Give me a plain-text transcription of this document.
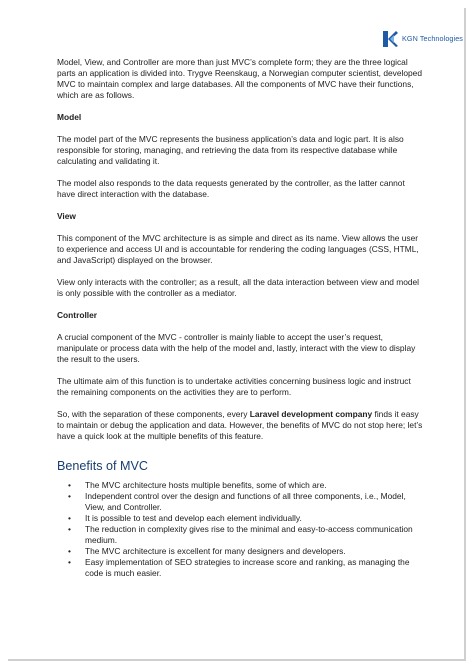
KGN Technologies

Model, View, and Controller are more than just MVC’s complete form; they are the three logical parts an application is divided into. Trygve Reenskaug, a Norwegian computer scientist, developed MVC to maintain complex and large databases. All the components of MVC have their functions, which are as follows.

Model

The model part of the MVC represents the business application’s data and logic part. It is also responsible for storing, managing, and retrieving the data from its respective database while calculating and validating it.

The model also responds to the data requests generated by the controller, as the latter cannot have direct interaction with the database.

View

This component of the MVC architecture is as simple and direct as its name. View allows the user to experience and access UI and is accountable for rendering the coding languages (CSS, HTML, and JavaScript) displayed on the browser.

View only interacts with the controller; as a result, all the data interaction between view and model is only possible with the controller as a mediator.

Controller

A crucial component of the MVC - controller is mainly liable to accept the user’s request, manipulate or process data with the help of the model and, lastly, interact with the view to display the result to the users.

The ultimate aim of this function is to undertake activities concerning business logic and instruct the remaining components on the activities they are to perform.

So, with the separation of these components, every Laravel development company finds it easy to maintain or debug the application and data. However, the benefits of MVC do not stop here; let’s have a quick look at the multiple benefits of this feature.

Benefits of MVC
• The MVC architecture hosts multiple benefits, some of which are.
• Independent control over the design and functions of all three components, i.e., Model, View, and Controller.
• It is possible to test and develop each element individually.
• The reduction in complexity gives rise to the minimal and easy-to-access communication medium.
• The MVC architecture is excellent for many designers and developers.
• Easy implementation of SEO strategies to increase score and ranking, as managing the code is much easier.
